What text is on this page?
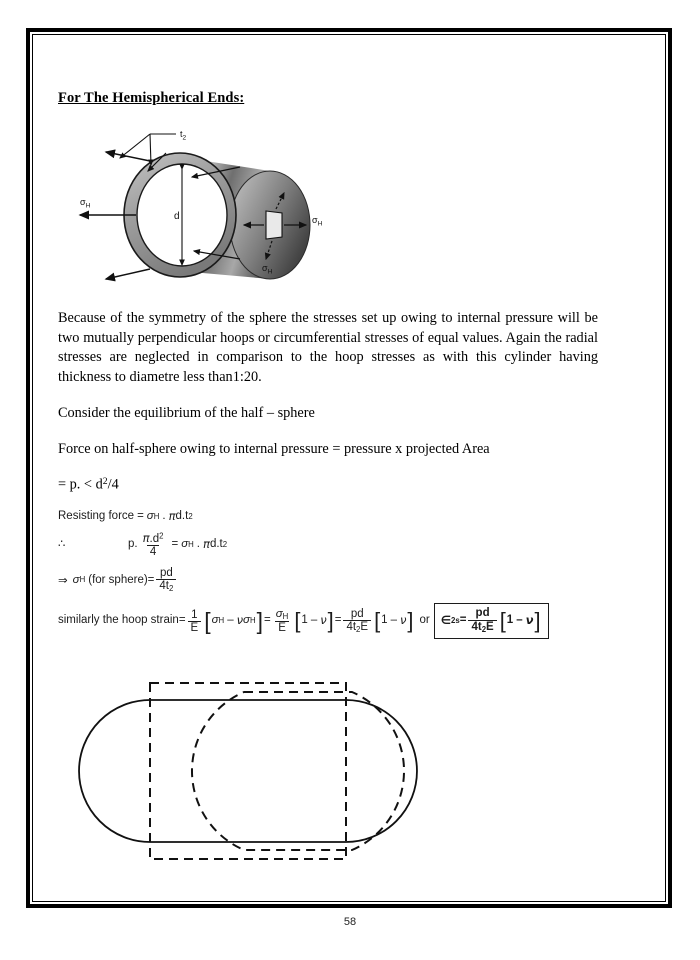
58
For The Hemispherical Ends:
$t_2$
$\sigma_H$
d	$\sigma_H$
$\sigma_H$

Because of the symmetry of the sphere the stresses set up owing to internal pressure will be two mutually perpendicular hoops or circumferential stresses of equal values. Again the radial stresses are neglected in comparison to the hoop stresses as with this cylinder having thickness to diametre less than1:20.

Consider the equilibrium of the half – sphere

Force on half-sphere owing to internal pressure = pressure x projected Area

= p. < $d^2/4$

Resisting force = σ H . π d.t 2
∴	p. $\frac{\pi.d^2}{4} = \sigma$ H . π d.t 2
⇒ σ H (for sphere) = $\frac{pd}{4t_2}$
similarly the hoop strain = $\frac{1}{E}$ [ σ H – ν σ H ] = $\frac{\sigma_H}{E}$ [ 1 – ν ] = $\frac{pd}{4t_2E}$ [ 1 – ν ] or ∈ $2s = \frac{pd}{4t_2E}$ [ 1 – ν ]
